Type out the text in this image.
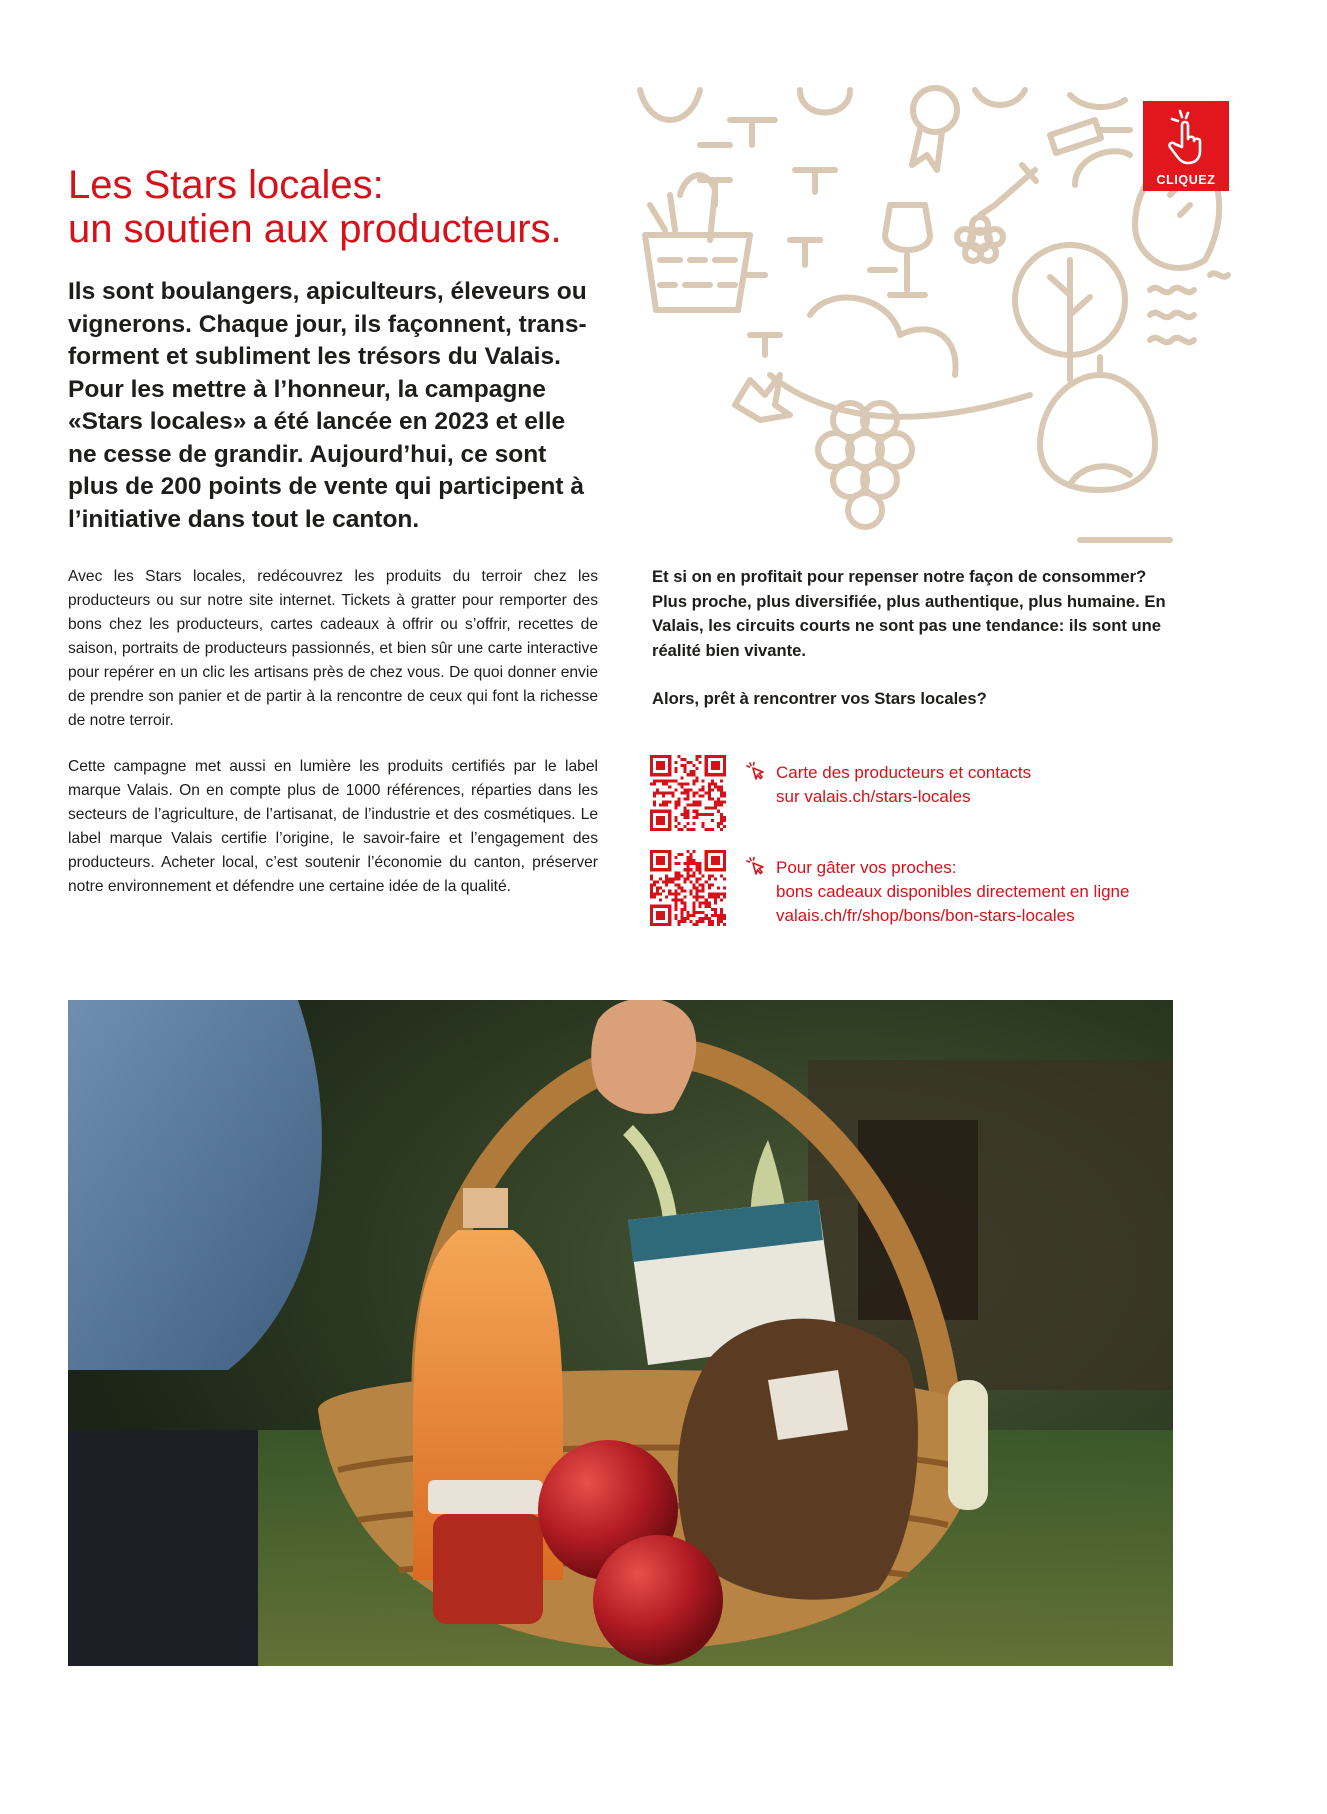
CLIQUEZ
Les Stars locales:
un soutien aux producteurs.

Ils sont boulangers, apiculteurs, éleveurs ou vignerons. Chaque jour, ils façonnent, transforment et subliment les trésors du Valais. Pour les mettre à l’honneur, la campagne «Stars locales» a été lancée en 2023 et elle ne cesse de grandir. Aujourd’hui, ce sont plus de 200 points de vente qui participent à l’initiative dans tout le canton.

Avec les Stars locales, redécouvrez les produits du terroir chez les producteurs ou sur notre site internet. Tickets à gratter pour remporter des bons chez les producteurs, cartes cadeaux à offrir ou s’offrir, recettes de saison, portraits de producteurs passionnés, et bien sûr une carte interactive pour repérer en un clic les artisans près de chez vous. De quoi donner envie de prendre son panier et de partir à la rencontre de ceux qui font la richesse de notre terroir.

Cette campagne met aussi en lumière les produits certifiés par le label marque Valais. On en compte plus de 1000 références, réparties dans les secteurs de l’agriculture, de l’artisanat, de l’industrie et des cosmétiques. Le label marque Valais certifie l’origine, le savoir-faire et l’engagement des producteurs. Acheter local, c’est soutenir l’économie du canton, préserver notre environnement et défendre une certaine idée de la qualité.

Et si on en profitait pour repenser notre façon de consommer? Plus proche, plus diversifiée, plus authentique, plus humaine. En Valais, les circuits courts ne sont pas une tendance: ils sont une réalité bien vivante.

Alors, prêt à rencontrer vos Stars locales?

Carte des producteurs et contacts
sur valais.ch/stars-locales
Pour gâter vos proches:
bons cadeaux disponibles directement en ligne
valais.ch/fr/shop/bons/bon-stars-locales
